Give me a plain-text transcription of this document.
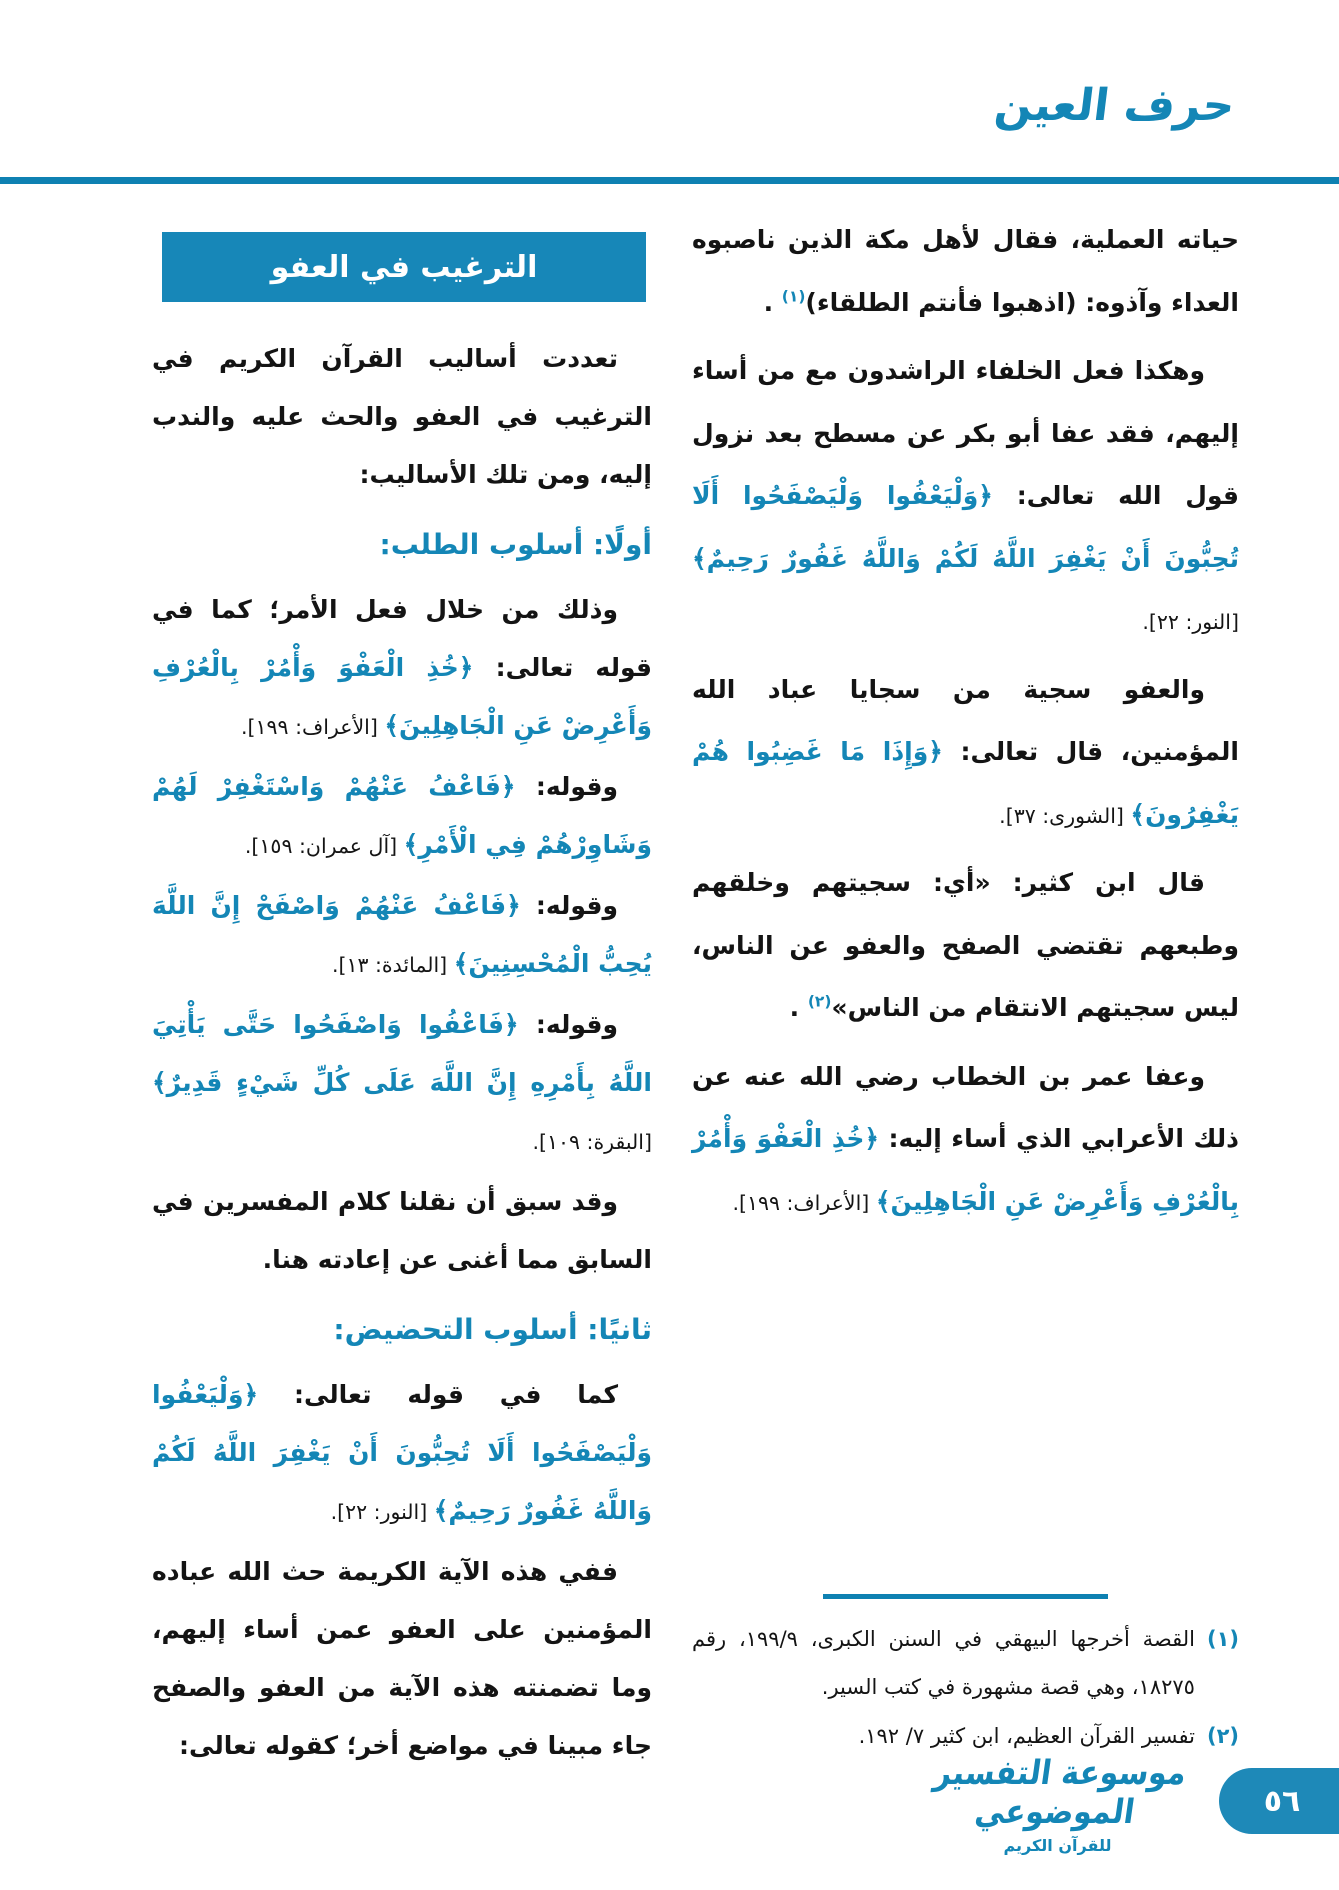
حرف العين

حياته العملية، فقال لأهل مكة الذين ناصبوه العداء وآذوه: (اذهبوا فأنتم الطلقاء)$^{(١)}$ .

وهكذا فعل الخلفاء الراشدون مع من أساء إليهم، فقد عفا أبو بكر عن مسطح بعد نزول قول الله تعالى: ﴿وَلْيَعْفُوا وَلْيَصْفَحُوا أَلَا تُحِبُّونَ أَنْ يَغْفِرَ اللَّهُ لَكُمْ وَاللَّهُ غَفُورٌ رَحِيمٌ﴾ [النور: ٢٢].

والعفو سجية من سجايا عباد الله المؤمنين، قال تعالى: ﴿وَإِذَا مَا غَضِبُوا هُمْ يَغْفِرُونَ﴾ [الشورى: ٣٧].

قال ابن كثير: «أي: سجيتهم وخلقهم وطبعهم تقتضي الصفح والعفو عن الناس، ليس سجيتهم الانتقام من الناس»$^{(٢)}$ .

وعفا عمر بن الخطاب رضي الله عنه عن ذلك الأعرابي الذي أساء إليه: ﴿خُذِ الْعَفْوَ وَأْمُرْ بِالْعُرْفِ وَأَعْرِضْ عَنِ الْجَاهِلِينَ﴾ [الأعراف: ١٩٩].

(١)
القصة أخرجها البيهقي في السنن الكبرى، ١٩٩/٩، رقم ١٨٢٧٥، وهي قصة مشهورة في كتب السير.
(٢)
تفسير القرآن العظيم، ابن كثير ٧/ ١٩٢.
الترغيب في العفو

تعددت أساليب القرآن الكريم في الترغيب في العفو والحث عليه والندب إليه، ومن تلك الأساليب:

أولًا: أسلوب الطلب:

وذلك من خلال فعل الأمر؛ كما في قوله تعالى: ﴿خُذِ الْعَفْوَ وَأْمُرْ بِالْعُرْفِ وَأَعْرِضْ عَنِ الْجَاهِلِينَ﴾ [الأعراف: ١٩٩].

وقوله: ﴿فَاعْفُ عَنْهُمْ وَاسْتَغْفِرْ لَهُمْ وَشَاوِرْهُمْ فِي الْأَمْرِ﴾ [آل عمران: ١٥٩].

وقوله: ﴿فَاعْفُ عَنْهُمْ وَاصْفَحْ إِنَّ اللَّهَ يُحِبُّ الْمُحْسِنِينَ﴾ [المائدة: ١٣].

وقوله: ﴿فَاعْفُوا وَاصْفَحُوا حَتَّى يَأْتِيَ اللَّهُ بِأَمْرِهِ إِنَّ اللَّهَ عَلَى كُلِّ شَيْءٍ قَدِيرٌ﴾ [البقرة: ١٠٩].

وقد سبق أن نقلنا كلام المفسرين في السابق مما أغنى عن إعادته هنا.

ثانيًا: أسلوب التحضيض:

كما في قوله تعالى: ﴿وَلْيَعْفُوا وَلْيَصْفَحُوا أَلَا تُحِبُّونَ أَنْ يَغْفِرَ اللَّهُ لَكُمْ وَاللَّهُ غَفُورٌ رَحِيمٌ﴾ [النور: ٢٢].

ففي هذه الآية الكريمة حث الله عباده المؤمنين على العفو عمن أساء إليهم، وما تضمنته هذه الآية من العفو والصفح جاء مبينا في مواضع أخر؛ كقوله تعالى:

موسوعة التفسير الموضوعي
للقرآن الكريم
٥٦
